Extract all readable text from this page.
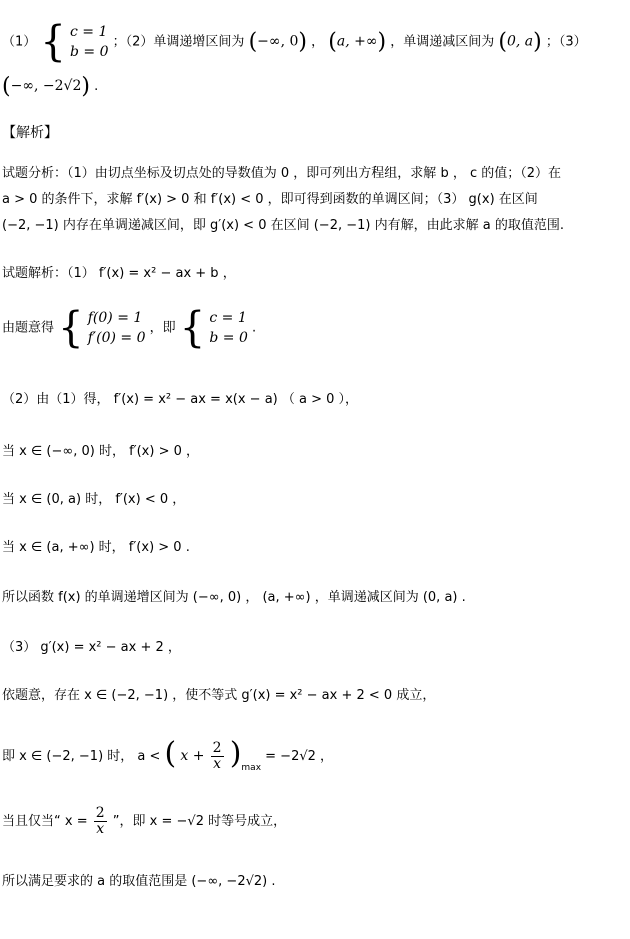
（1） { c = 1
b = 0
；（2）单调递增区间为 (−∞, 0) ， (a, +∞) ，单调递减区间为 (0, a) ；（3）
(−∞, −2√2) .
【解析】
试题分析：（1）由切点坐标及切点处的导数值为 0 ，即可列出方程组，求解 b ， c 的值；（2）在
a > 0 的条件下，求解 f′(x) > 0 和 f′(x) < 0 ，即可得到函数的单调区间；（3） g(x) 在区间
(−2, −1) 内存在单调递减区间，即 g′(x) < 0 在区间 (−2, −1) 内有解，由此求解 a 的取值范围.
试题解析：（1） f′(x) = x² − ax + b ，
由题意得 { f(0) = 1
f′(0) = 0
，即 { c = 1
b = 0
.
（2）由（1）得， f′(x) = x² − ax = x(x − a) （ a > 0 ），
当 x ∈ (−∞, 0) 时， f′(x) > 0 ，
当 x ∈ (0, a) 时， f′(x) < 0 ，
当 x ∈ (a, +∞) 时， f′(x) > 0 .
所以函数 f(x) 的单调递增区间为 (−∞, 0) ， (a, +∞) ，单调递减区间为 (0, a) .
（3） g′(x) = x² − ax + 2 ，
依题意，存在 x ∈ (−2, −1) ，使不等式 g′(x) = x² − ax + 2 < 0 成立，
即 x ∈ (−2, −1) 时， a < ( $x + \frac{2}{x} )_{max} = -2√2$ ，
当且仅当“ $x = \frac{2}{x}$ ”，即 x = −√2 时等号成立，
所以满足要求的 a 的取值范围是 (−∞, −2√2) .
